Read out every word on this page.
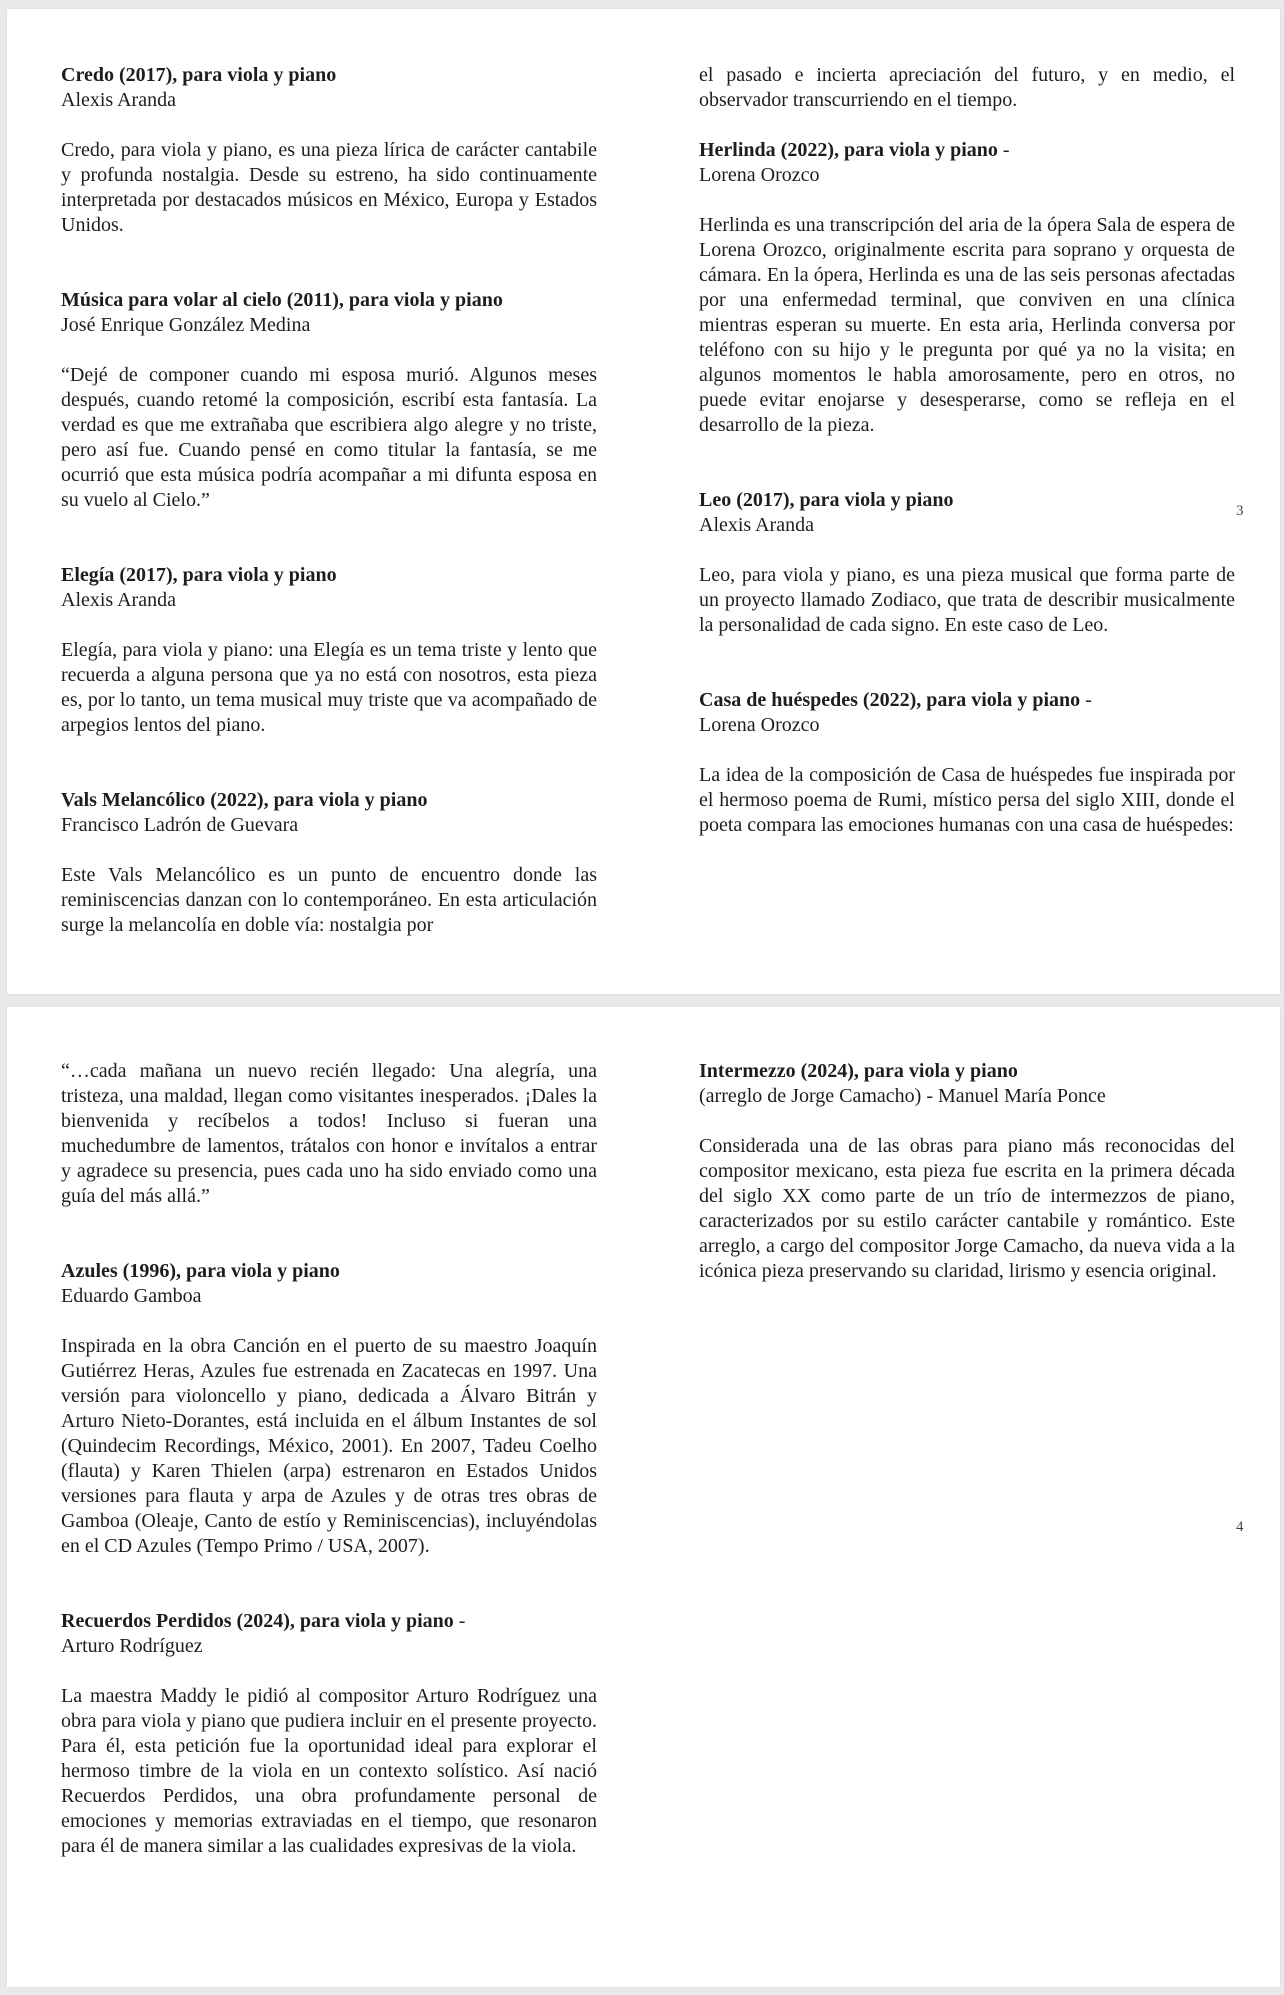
Credo (2017), para viola y piano

Alexis Aranda

Credo, para viola y piano, es una pieza lírica de carácter cantabile y profunda nostalgia. Desde su estreno, ha sido continuamente interpretada por destacados músicos en México, Europa y Estados Unidos.

Música para volar al cielo (2011), para viola y piano

José Enrique González Medina

“Dejé de componer cuando mi esposa murió. Algunos meses después, cuando retomé la composición, escribí esta fantasía. La verdad es que me extrañaba que escribiera algo alegre y no triste, pero así fue. Cuando pensé en como titular la fantasía, se me ocurrió que esta música podría acompañar a mi difunta esposa en su vuelo al Cielo.”

Elegía (2017), para viola y piano

Alexis Aranda

Elegía, para viola y piano: una Elegía es un tema triste y lento que recuerda a alguna persona que ya no está con nosotros, esta pieza es, por lo tanto, un tema musical muy triste que va acompañado de arpegios lentos del piano.

Vals Melancólico (2022), para viola y piano

Francisco Ladrón de Guevara

Este Vals Melancólico es un punto de encuentro donde las reminiscencias danzan con lo contemporáneo. En esta articulación surge la melancolía en doble vía: nostalgia por

el pasado e incierta apreciación del futuro, y en medio, el observador transcurriendo en el tiempo.

Herlinda (2022), para viola y piano -

Lorena Orozco

Herlinda es una transcripción del aria de la ópera Sala de espera de Lorena Orozco, originalmente escrita para soprano y orquesta de cámara. En la ópera, Herlinda es una de las seis personas afectadas por una enfermedad terminal, que conviven en una clínica mientras esperan su muerte. En esta aria, Herlinda conversa por teléfono con su hijo y le pregunta por qué ya no la visita; en algunos momentos le habla amorosamente, pero en otros, no puede evitar enojarse y desesperarse, como se refleja en el desarrollo de la pieza.

Leo (2017), para viola y piano

Alexis Aranda

Leo, para viola y piano, es una pieza musical que forma parte de un proyecto llamado Zodiaco, que trata de describir musicalmente la personalidad de cada signo. En este caso de Leo.

Casa de huéspedes (2022), para viola y piano -

Lorena Orozco

La idea de la composición de Casa de huéspedes fue inspirada por el hermoso poema de Rumi, místico persa del siglo XIII, donde el poeta compara las emociones humanas con una casa de huéspedes:

3

“…cada mañana un nuevo recién llegado: Una alegría, una tristeza, una maldad, llegan como visitantes inesperados. ¡Dales la bienvenida y recíbelos a todos! Incluso si fueran una muchedumbre de lamentos, trátalos con honor e invítalos a entrar y agradece su presencia, pues cada uno ha sido enviado como una guía del más allá.”

Azules (1996), para viola y piano

Eduardo Gamboa

Inspirada en la obra Canción en el puerto de su maestro Joaquín Gutiérrez Heras, Azules fue estrenada en Zacatecas en 1997. Una versión para violoncello y piano, dedicada a Álvaro Bitrán y Arturo Nieto-Dorantes, está incluida en el álbum Instantes de sol (Quindecim Recordings, México, 2001). En 2007, Tadeu Coelho (flauta) y Karen Thielen (arpa) estrenaron en Estados Unidos versiones para flauta y arpa de Azules y de otras tres obras de Gamboa (Oleaje, Canto de estío y Reminiscencias), incluyéndolas en el CD Azules (Tempo Primo / USA, 2007).

Recuerdos Perdidos (2024), para viola y piano -

Arturo Rodríguez

La maestra Maddy le pidió al compositor Arturo Rodríguez una obra para viola y piano que pudiera incluir en el presente proyecto. Para él, esta petición fue la oportunidad ideal para explorar el hermoso timbre de la viola en un contexto solístico. Así nació Recuerdos Perdidos, una obra profundamente personal de emociones y memorias extraviadas en el tiempo, que resonaron para él de manera similar a las cualidades expresivas de la viola.

Intermezzo (2024), para viola y piano

(arreglo de Jorge Camacho) - Manuel María Ponce

Considerada una de las obras para piano más reconocidas del compositor mexicano, esta pieza fue escrita en la primera década del siglo XX como parte de un trío de intermezzos de piano, caracterizados por su estilo carácter cantabile y romántico. Este arreglo, a cargo del compositor Jorge Camacho, da nueva vida a la icónica pieza preservando su claridad, lirismo y esencia original.

4
